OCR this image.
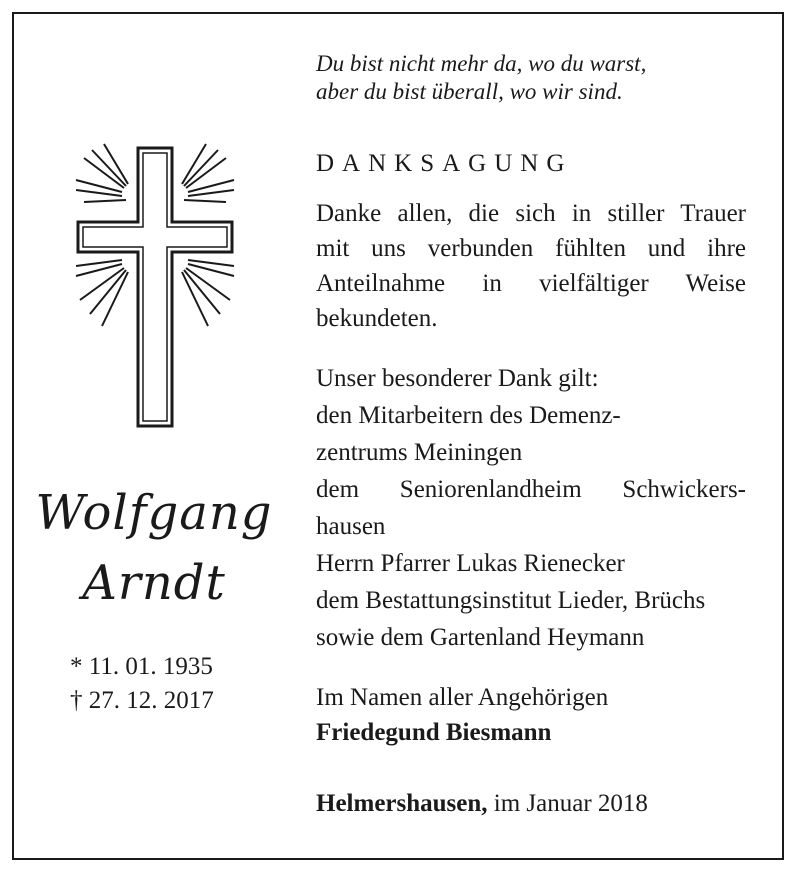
Du bist nicht mehr da, wo du warst,
aber du bist überall, wo wir sind.
Wolfgang
Arndt
* 11. 01. 1935
† 27. 12. 2017
DANKSAGUNG
Danke allen, die sich in stiller Trauer
mit uns verbunden fühlten und ihre
Anteilnahme in vielfältiger Weise
bekundeten.
Unser besonderer Dank gilt:
den Mitarbeitern des Demenz-
zentrums Meiningen
dem Seniorenlandheim Schwickers-
hausen
Herrn Pfarrer Lukas Rienecker
dem Bestattungsinstitut Lieder, Brüchs
sowie dem Gartenland Heymann
Im Namen aller Angehörigen
Friedegund Biesmann
Helmershausen, im Januar 2018
